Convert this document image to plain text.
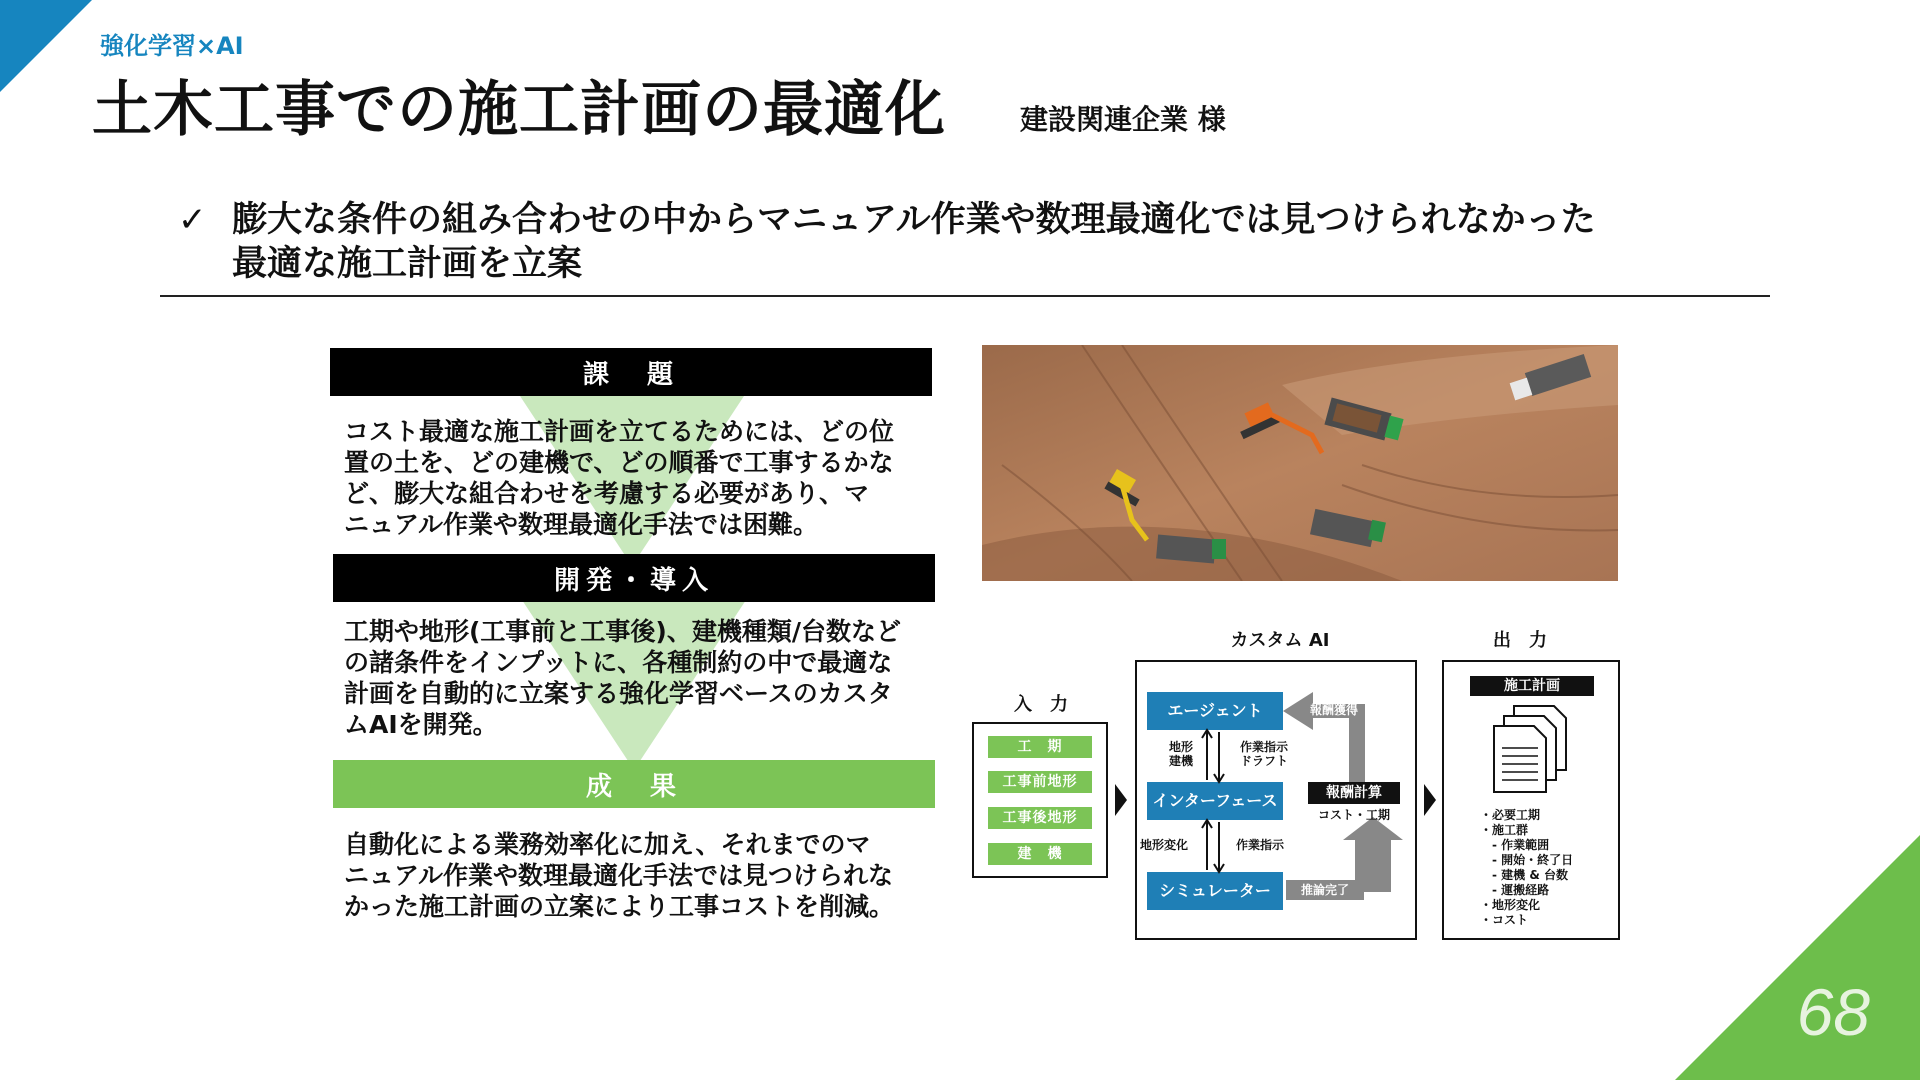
強化学習×AI
土木工事での施工計画の最適化	建設関連企業 様
✓ 膨大な条件の組み合わせの中からマニュアル作業や数理最適化では見つけられなかった
最適な施工計画を立案
課　題
コスト最適な施工計画を立てるためには、どの位
置の土を、どの建機で、どの順番で工事するかな
ど、膨大な組合わせを考慮する必要があり、マ
ニュアル作業や数理最適化手法では困難。
開発・導入
工期や地形(工事前と工事後)、建機種類/台数など
の諸条件をインプットに、各種制約の中で最適な
計画を自動的に立案する強化学習ベースのカスタ
ムAIを開発。
成　果
自動化による業務効率化に加え、それまでのマ
ニュアル作業や数理最適化手法では見つけられな
かった施工計画の立案により工事コストを削減。
カスタム AI	出　力
入　力
工　期
工事前地形
工事後地形
建　機
エージェント
インターフェース
シミュレーター
地形
建機
作業指示
ドラフト
地形変化	作業指示
報酬獲得
報酬計算
コスト・工期
推論完了
施工計画
・必要工期
・施工群
　- 作業範囲
　- 開始・終了日
　- 建機 & 台数
　- 運搬経路
・地形変化
・コスト
68
